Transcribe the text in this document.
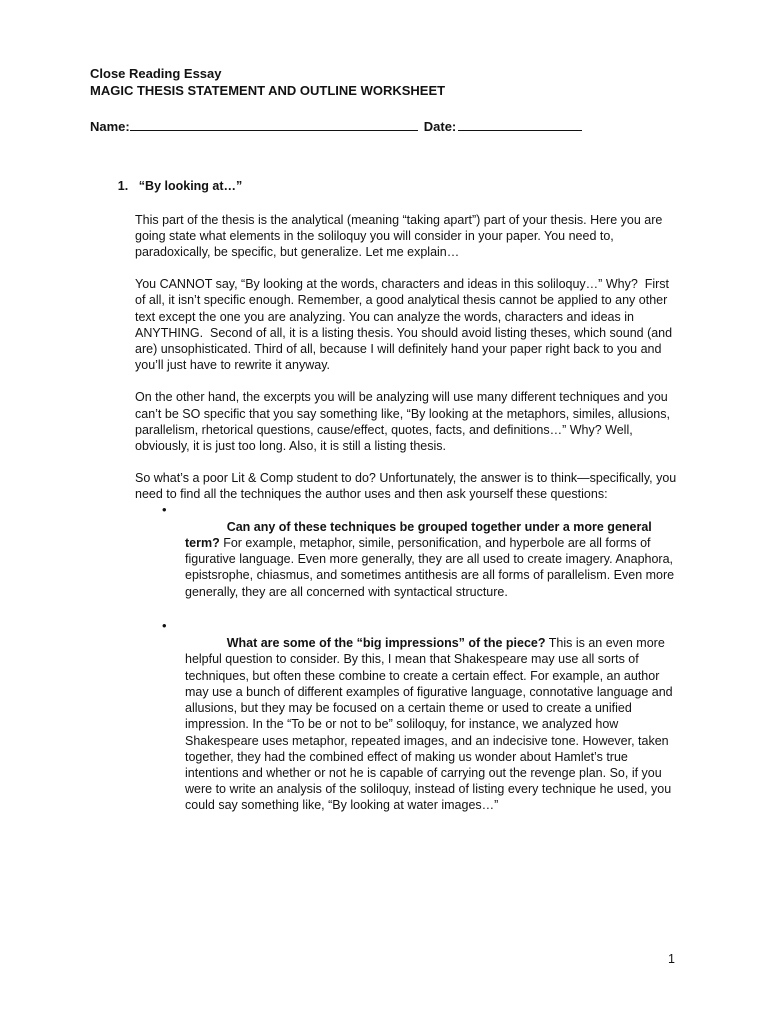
Close Reading Essay
MAGIC THESIS STATEMENT AND OUTLINE WORKSHEET
Name:	Date:

1. “By looking at…”

This part of the thesis is the analytical (meaning “taking apart”) part of your thesis. Here you are going state what elements in the soliloquy you will consider in your paper. You need to, paradoxically, be specific, but generalize. Let me explain…

You CANNOT say, “By looking at the words, characters and ideas in this soliloquy…” Why?  First of all, it isn’t specific enough. Remember, a good analytical thesis cannot be applied to any other text except the one you are analyzing. You can analyze the words, characters and ideas in ANYTHING.  Second of all, it is a listing thesis. You should avoid listing theses, which sound (and are) unsophisticated. Third of all, because I will definitely hand your paper right back to you and you’ll just have to rewrite it anyway.

On the other hand, the excerpts you will be analyzing will use many different techniques and you can’t be SO specific that you say something like, “By looking at the metaphors, similes, allusions, parallelism, rhetorical questions, cause/effect, quotes, facts, and definitions…” Why? Well, obviously, it is just too long. Also, it is still a listing thesis.

So what’s a poor Lit & Comp student to do? Unfortunately, the answer is to think—specifically, you need to find all the techniques the author uses and then ask yourself these questions:

•
Can any of these techniques be grouped together under a more general term? For example, metaphor, simile, personification, and hyperbole are all forms of figurative language. Even more generally, they are all used to create imagery. Anaphora, epistsrophe, chiasmus, and sometimes antithesis are all forms of parallelism. Even more generally, they are all concerned with syntactical structure.

•
What are some of the “big impressions” of the piece? This is an even more helpful question to consider. By this, I mean that Shakespeare may use all sorts of techniques, but often these combine to create a certain effect. For example, an author may use a bunch of different examples of figurative language, connotative language and allusions, but they may be focused on a certain theme or used to create a unified impression. In the “To be or not to be” soliloquy, for instance, we analyzed how Shakespeare uses metaphor, repeated images, and an indecisive tone. However, taken together, they had the combined effect of making us wonder about Hamlet’s true intentions and whether or not he is capable of carrying out the revenge plan. So, if you were to write an analysis of the soliloquy, instead of listing every technique he used, you could say something like, “By looking at water images…”

1
